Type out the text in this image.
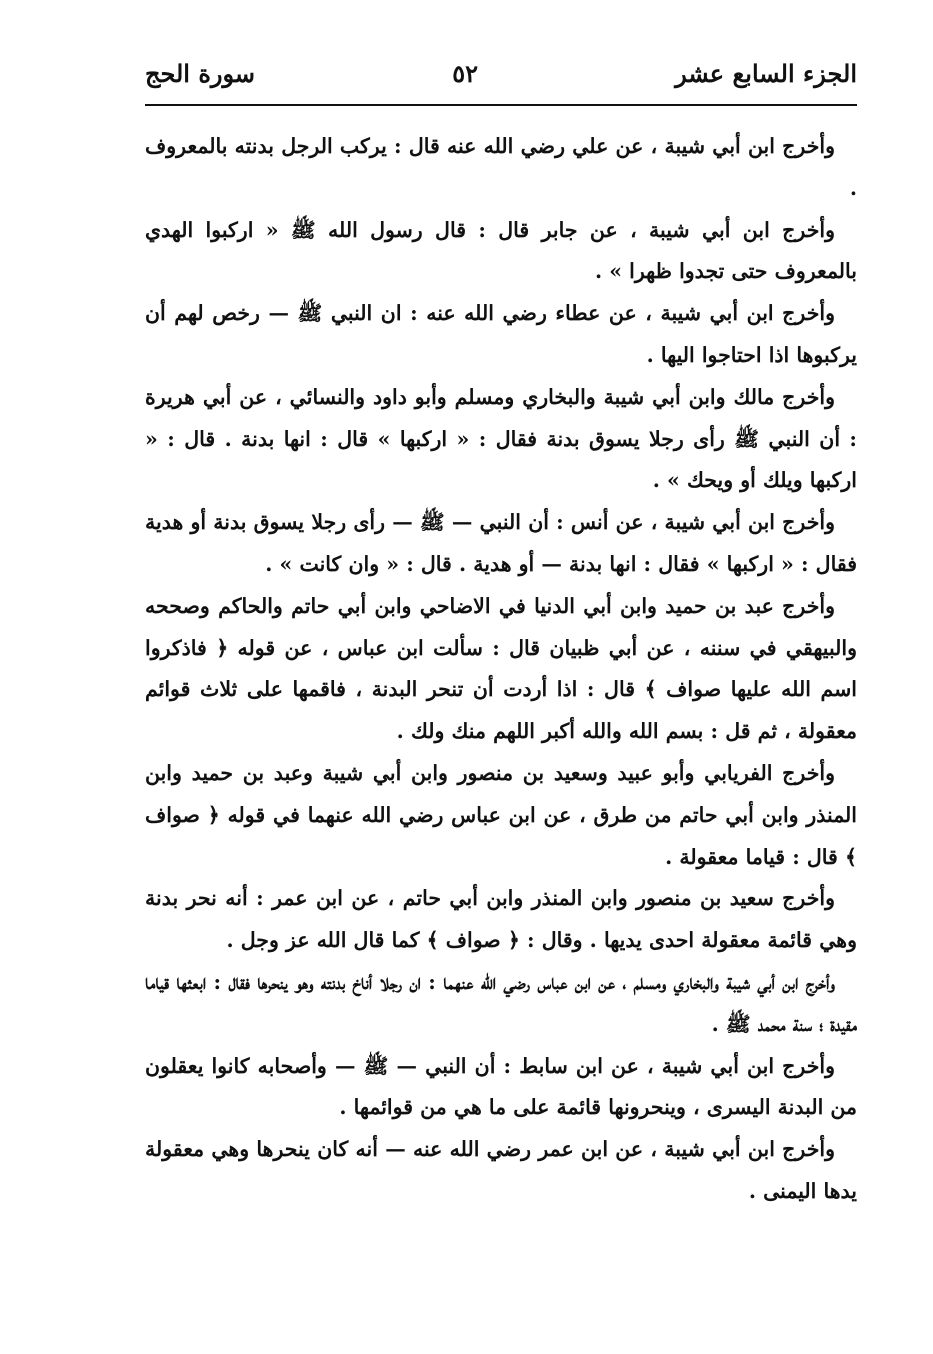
الجزء السابع عشر
٥٢
سورة الحج

وأخرج ابن أبي شيبة ، عن علي رضي الله عنه قال : يركب الرجل بدنته بالمعروف .

وأخرج ابن أبي شيبة ، عن جابر قال : قال رسول الله ﷺ « اركبوا الهدي بالمعروف حتى تجدوا ظهرا » .

وأخرج ابن أبي شيبة ، عن عطاء رضي الله عنه : ان النبي ﷺ — رخص لهم أن يركبوها اذا احتاجوا اليها .

وأخرج مالك وابن أبي شيبة والبخاري ومسلم وأبو داود والنسائي ، عن أبي هريرة : أن النبي ﷺ رأى رجلا يسوق بدنة فقال : « اركبها » قال : انها بدنة . قال : « اركبها ويلك أو ويحك » .

وأخرج ابن أبي شيبة ، عن أنس : أن النبي — ﷺ — رأى رجلا يسوق بدنة أو هدية فقال : « اركبها » فقال : انها بدنة — أو هدية . قال : « وان كانت » .

وأخرج عبد بن حميد وابن أبي الدنيا في الاضاحي وابن أبي حاتم والحاكم وصححه والبيهقي في سننه ، عن أبي ظبيان قال : سألت ابن عباس ، عن قوله ﴿ فاذكروا اسم الله عليها صواف ﴾ قال : اذا أردت أن تنحر البدنة ، فاقمها على ثلاث قوائم معقولة ، ثم قل : بسم الله والله أكبر اللهم منك ولك .

وأخرج الفريابي وأبو عبيد وسعيد بن منصور وابن أبي شيبة وعبد بن حميد وابن المنذر وابن أبي حاتم من طرق ، عن ابن عباس رضي الله عنهما في قوله ﴿ صواف ﴾ قال : قياما معقولة .

وأخرج سعيد بن منصور وابن المنذر وابن أبي حاتم ، عن ابن عمر : أنه نحر بدنة وهي قائمة معقولة احدى يديها . وقال : ﴿ صواف ﴾ كما قال الله عز وجل .

وأخرج ابن أبي شيبة والبخاري ومسلم ، عن ابن عباس رضي الله عنهما : ان رجلا أناخ بدنته وهو ينحرها فقال : ابعثها قياما مقيدة ؛ سنة محمد ﷺ .

وأخرج ابن أبي شيبة ، عن ابن سابط : أن النبي — ﷺ — وأصحابه كانوا يعقلون من البدنة اليسرى ، وينحرونها قائمة على ما هي من قوائمها .

وأخرج ابن أبي شيبة ، عن ابن عمر رضي الله عنه — أنه كان ينحرها وهي معقولة يدها اليمنى .
